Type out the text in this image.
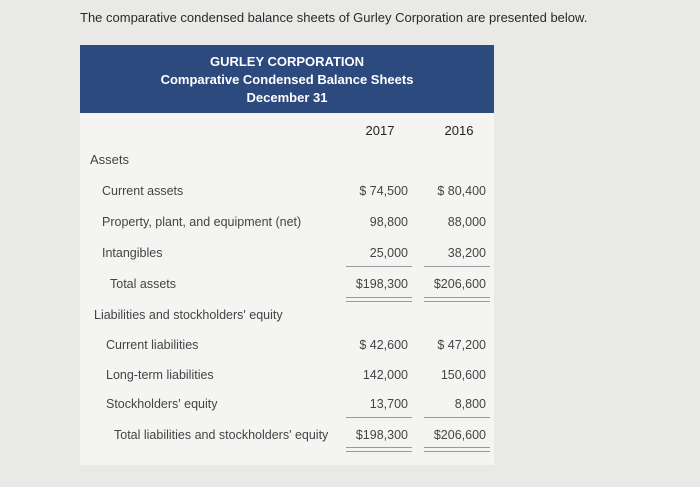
The comparative condensed balance sheets of Gurley Corporation are presented below.
GURLEY CORPORATION
Comparative Condensed Balance Sheets
December 31
2017	2016
Assets
Current assets	$ 74,500	$ 80,400
Property, plant, and equipment (net)	98,800	88,000
Intangibles	25,000	38,200
Total assets	$198,300	$206,600
Liabilities and stockholders' equity
Current liabilities	$ 42,600	$ 47,200
Long-term liabilities	142,000	150,600
Stockholders' equity	13,700	8,800
Total liabilities and stockholders' equity	$198,300	$206,600
